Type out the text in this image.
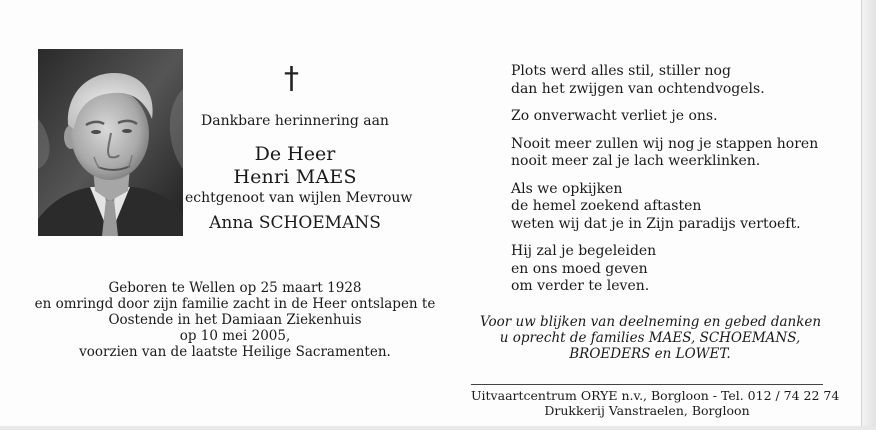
†
Dankbare herinnering aan
De Heer
Henri MAES
echtgenoot van wijlen Mevrouw
Anna SCHOEMANS
Geboren te Wellen op 25 maart 1928
en omringd door zijn familie zacht in de Heer ontslapen te
Oostende in het Damiaan Ziekenhuis
op 10 mei 2005,
voorzien van de laatste Heilige Sacramenten.
Plots werd alles stil, stiller nog
dan het zwijgen van ochtendvogels.
Zo onverwacht verliet je ons.
Nooit meer zullen wij nog je stappen horen
nooit meer zal je lach weerklinken.
Als we opkijken
de hemel zoekend aftasten
weten wij dat je in Zijn paradijs vertoeft.
Hij zal je begeleiden
en ons moed geven
om verder te leven.
Voor uw blijken van deelneming en gebed danken
u oprecht de families MAES, SCHOEMANS,
BROEDERS en LOWET.
Uitvaartcentrum ORYE n.v., Borgloon - Tel. 012 / 74 22 74
Drukkerij Vanstraelen, Borgloon
